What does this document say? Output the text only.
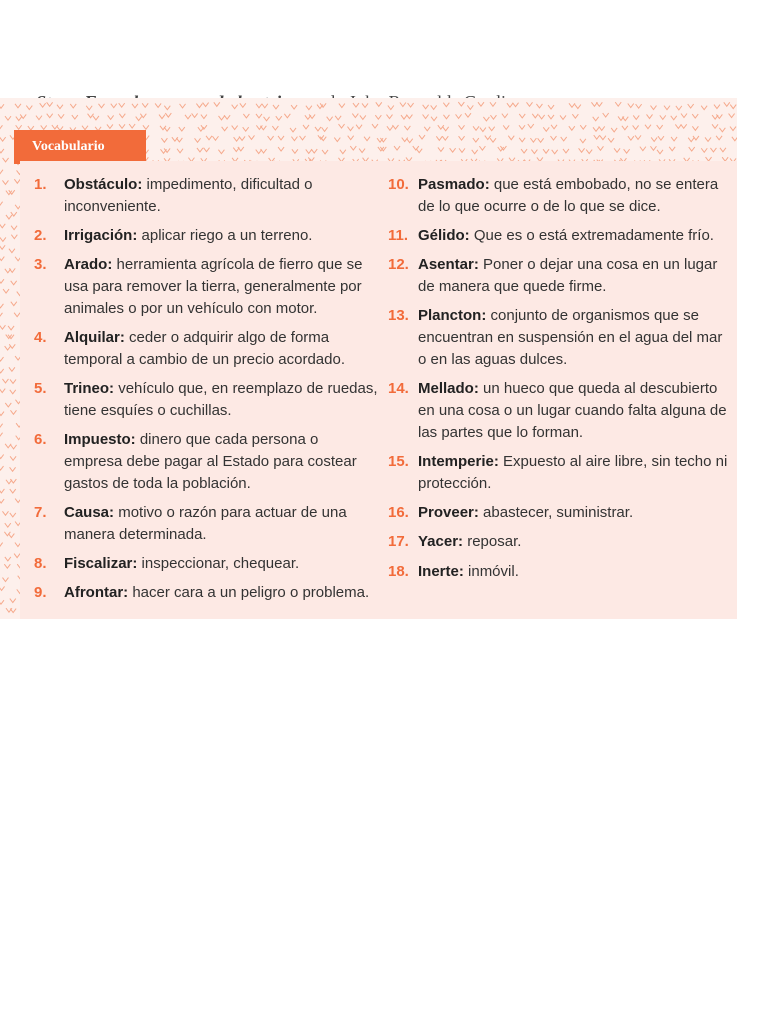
Vocabulario
1.	Obstáculo: impedimento, dificultad o inconveniente.
2.	Irrigación: aplicar riego a un terreno.
3.	Arado: herramienta agrícola de fierro que se usa para remover la tierra, generalmente por animales o por un vehículo con motor.
4.	Alquilar: ceder o adquirir algo de forma temporal a cambio de un precio acordado.
5.	Trineo: vehículo que, en reemplazo de ruedas, tiene esquíes o cuchillas.
6.	Impuesto: dinero que cada persona o empresa debe pagar al Estado para costear gastos de toda la población.
7.	Causa: motivo o razón para actuar de una manera determinada.
8.	Fiscalizar: inspeccionar, chequear.
9.	Afrontar: hacer cara a un peligro o problema.
10. Pasmado: que está embobado, no se entera de lo que ocurre o de lo que se dice.
11. Gélido: Que es o está extremadamente frío.
12. Asentar: Poner o dejar una cosa en un lugar de manera que quede firme.
13. Plancton: conjunto de organismos que se encuentran en suspensión en el agua del mar o en las aguas dulces.
14. Mellado: un hueco que queda al descubierto en una cosa o un lugar cuando falta alguna de las partes que lo forman.
15. Intemperie: Expuesto al aire libre, sin techo ni protección.
16. Proveer: abastecer, suministrar.
17. Yacer: reposar.
18. Inerte: inmóvil.
